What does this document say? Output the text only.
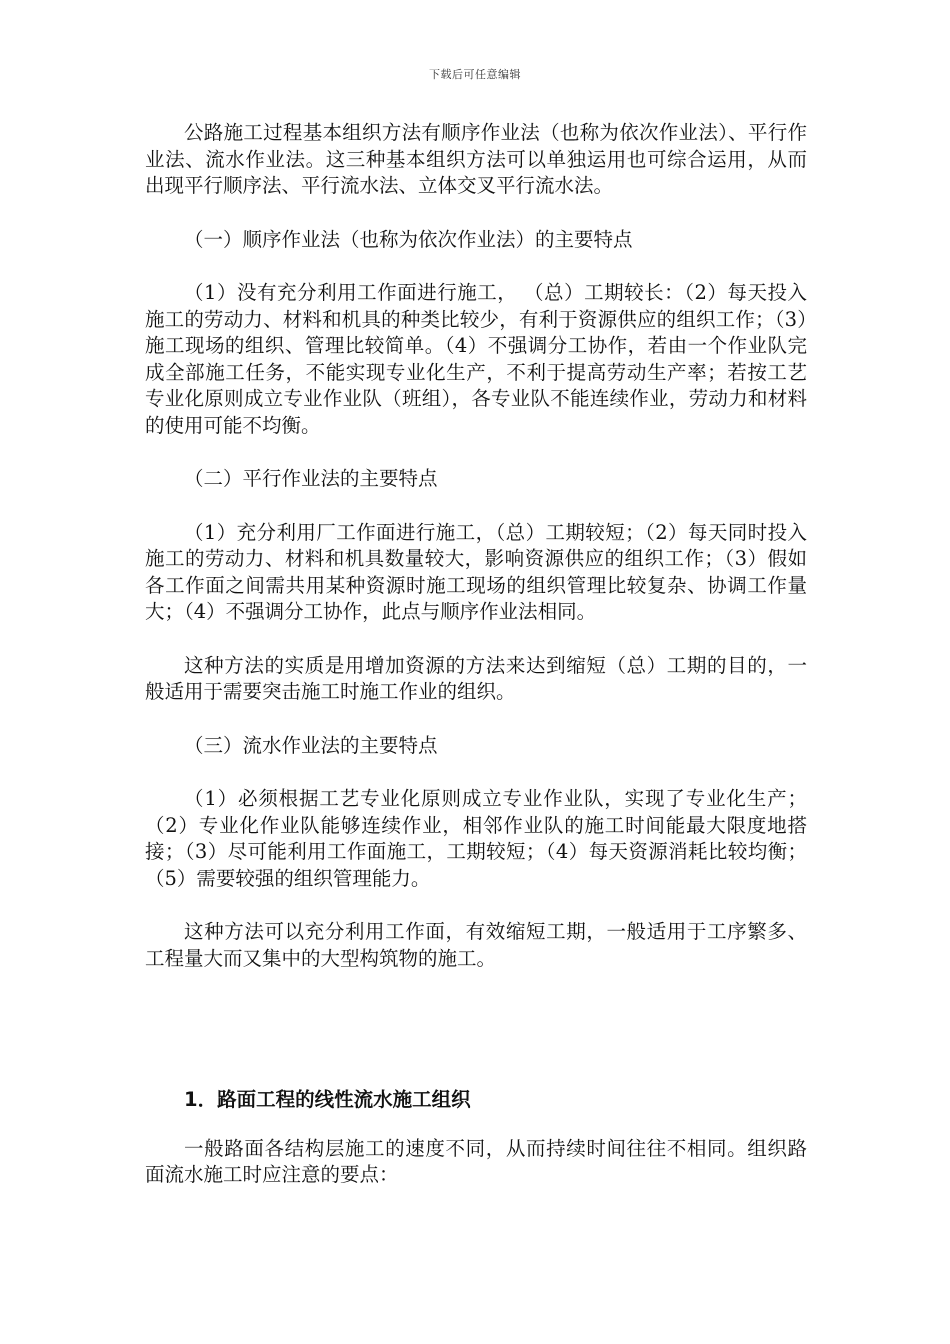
下载后可任意编辑

公路施工过程基本组织方法有顺序作业法（也称为依次作业法）、平行作业法、流水作业法。这三种基本组织方法可以单独运用也可综合运用，从而出现平行顺序法、平行流水法、立体交叉平行流水法。

（一）顺序作业法（也称为依次作业法）的主要特点

（1）没有充分利用工作面进行施工， （总）工期较长：（2）每天投入施工的劳动力、材料和机具的种类比较少，有利于资源供应的组织工作；（3）施工现场的组织、管理比较简单。（4）不强调分工协作，若由一个作业队完成全部施工任务，不能实现专业化生产，不利于提高劳动生产率；若按工艺专业化原则成立专业作业队（班组），各专业队不能连续作业，劳动力和材料的使用可能不均衡。

（二）平行作业法的主要特点

（1）充分利用厂工作面进行施工，（总）工期较短；（2）每天同时投入施工的劳动力、材料和机具数量较大，影响资源供应的组织工作；（3）假如各工作面之间需共用某种资源时施工现场的组织管理比较复杂、协调工作量大；（4）不强调分工协作，此点与顺序作业法相同。

这种方法的实质是用增加资源的方法来达到缩短（总）工期的目的，一般适用于需要突击施工时施工作业的组织。

（三）流水作业法的主要特点

（1）必须根据工艺专业化原则成立专业作业队，实现了专业化生产；（2）专业化作业队能够连续作业，相邻作业队的施工时间能最大限度地搭接；（3）尽可能利用工作面施工，工期较短；（4）每天资源消耗比较均衡；（5）需要较强的组织管理能力。

这种方法可以充分利用工作面，有效缩短工期，一般适用于工序繁多、工程量大而又集中的大型构筑物的施工。

1．路面工程的线性流水施工组织

一般路面各结构层施工的速度不同，从而持续时间往往不相同。组织路面流水施工时应注意的要点：
